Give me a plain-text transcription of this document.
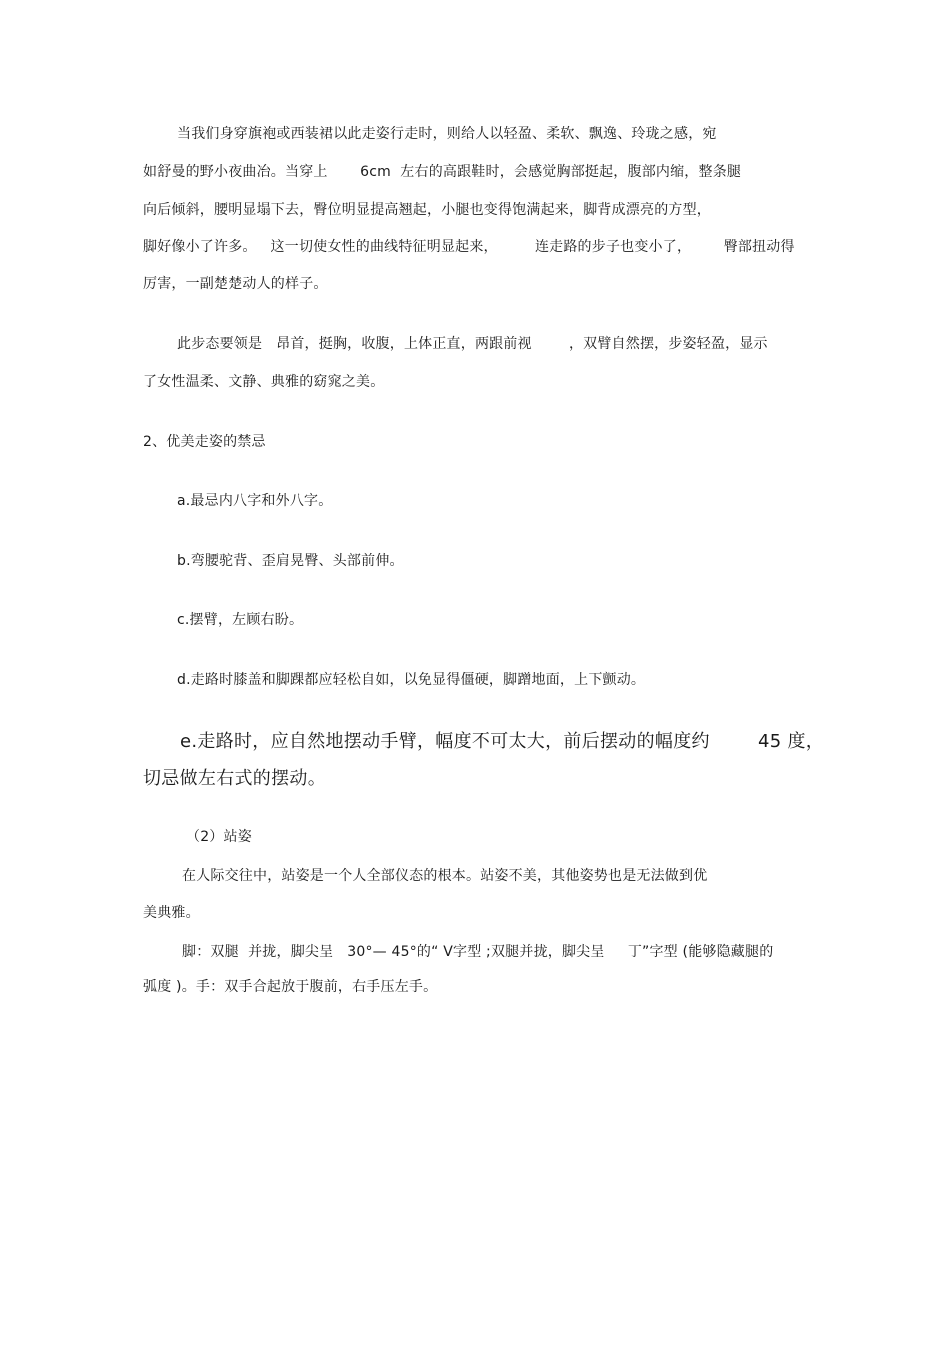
当我们身穿旗袍或西装裙以此走姿行走时，则给人以轻盈、柔软、飘逸、玲珑之感，宛
如舒曼的野小夜曲冶。当穿上       6cm  左右的高跟鞋时，会感觉胸部挺起，腹部内缩，整条腿
向后倾斜，腰明显塌下去，臀位明显提高翘起，小腿也变得饱满起来，脚背成漂亮的方型，
脚好像小了许多。   这一切使女性的曲线特征明显起来，        连走路的步子也变小了，       臀部扭动得
厉害，一副楚楚动人的样子。
此步态要领是   昂首，挺胸，收腹，上体正直，两跟前视        ，双臂自然摆，步姿轻盈，显示
了女性温柔、文静、典雅的窈窕之美。
2、优美走姿的禁忌
a.最忌内八字和外八字。
b.弯腰驼背、歪肩晃臀、头部前伸。
c.摆臂，左顾右盼。
d.走路时膝盖和脚踝都应轻松自如，以免显得僵硬，脚蹭地面，上下颤动。
e.走路时，应自然地摆动手臂，幅度不可太大，前后摆动的幅度约        45 度，
切忌做左右式的摆动。
（2）站姿
在人际交往中，站姿是一个人全部仪态的根本。站姿不美，其他姿势也是无法做到优
美典雅。
脚：双腿  并拢，脚尖呈   30°— 45°的“ V字型 ;双腿并拢，脚尖呈     丁”字型 (能够隐藏腿的
弧度 )。手：双手合起放于腹前，右手压左手。
